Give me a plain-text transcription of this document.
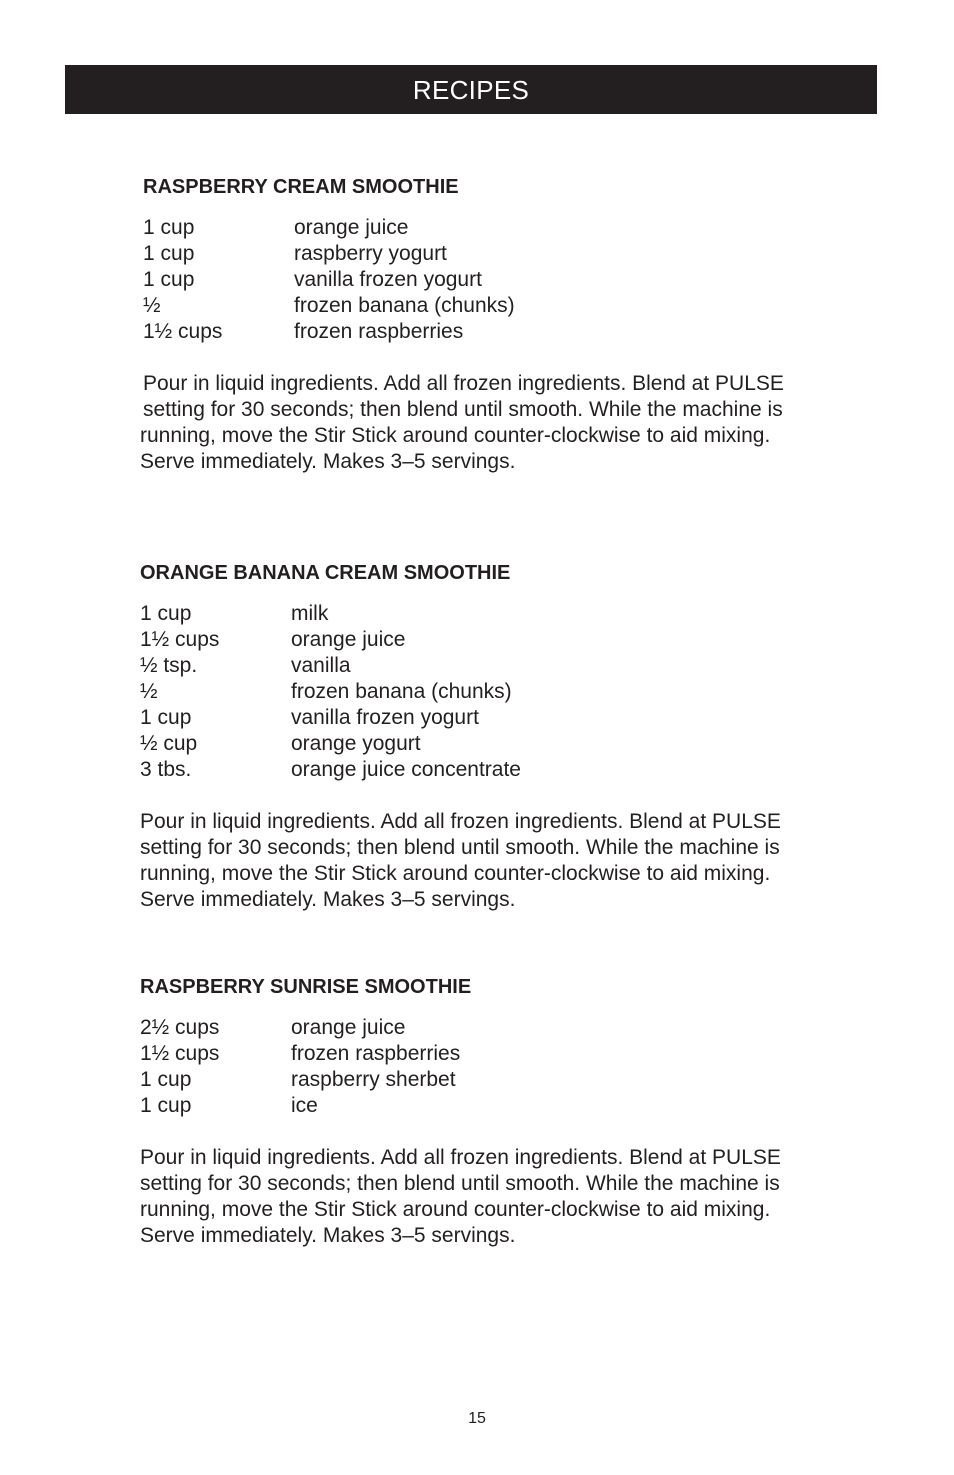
RECIPES
RASPBERRY CREAM SMOOTHIE
1 cup	orange juice
1 cup	raspberry yogurt
1 cup	vanilla frozen yogurt
½	frozen banana (chunks)
1½ cups	frozen raspberries

Pour in liquid ingredients. Add all frozen ingredients. Blend at PULSE

setting for 30 seconds; then blend until smooth. While the machine is

running, move the Stir Stick around counter-clockwise to aid mixing.

Serve immediately. Makes 3–5 servings.

ORANGE BANANA CREAM SMOOTHIE
1 cup	milk
1½ cups	orange juice
½ tsp.	vanilla
½	frozen banana (chunks)
1 cup	vanilla frozen yogurt
½ cup	orange yogurt
3 tbs.	orange juice concentrate

Pour in liquid ingredients. Add all frozen ingredients. Blend at PULSE

setting for 30 seconds; then blend until smooth. While the machine is

running, move the Stir Stick around counter-clockwise to aid mixing.

Serve immediately. Makes 3–5 servings.

RASPBERRY SUNRISE SMOOTHIE
2½ cups	orange juice
1½ cups	frozen raspberries
1 cup	raspberry sherbet
1 cup	ice

Pour in liquid ingredients. Add all frozen ingredients. Blend at PULSE

setting for 30 seconds; then blend until smooth. While the machine is

running, move the Stir Stick around counter-clockwise to aid mixing.

Serve immediately. Makes 3–5 servings.

15
